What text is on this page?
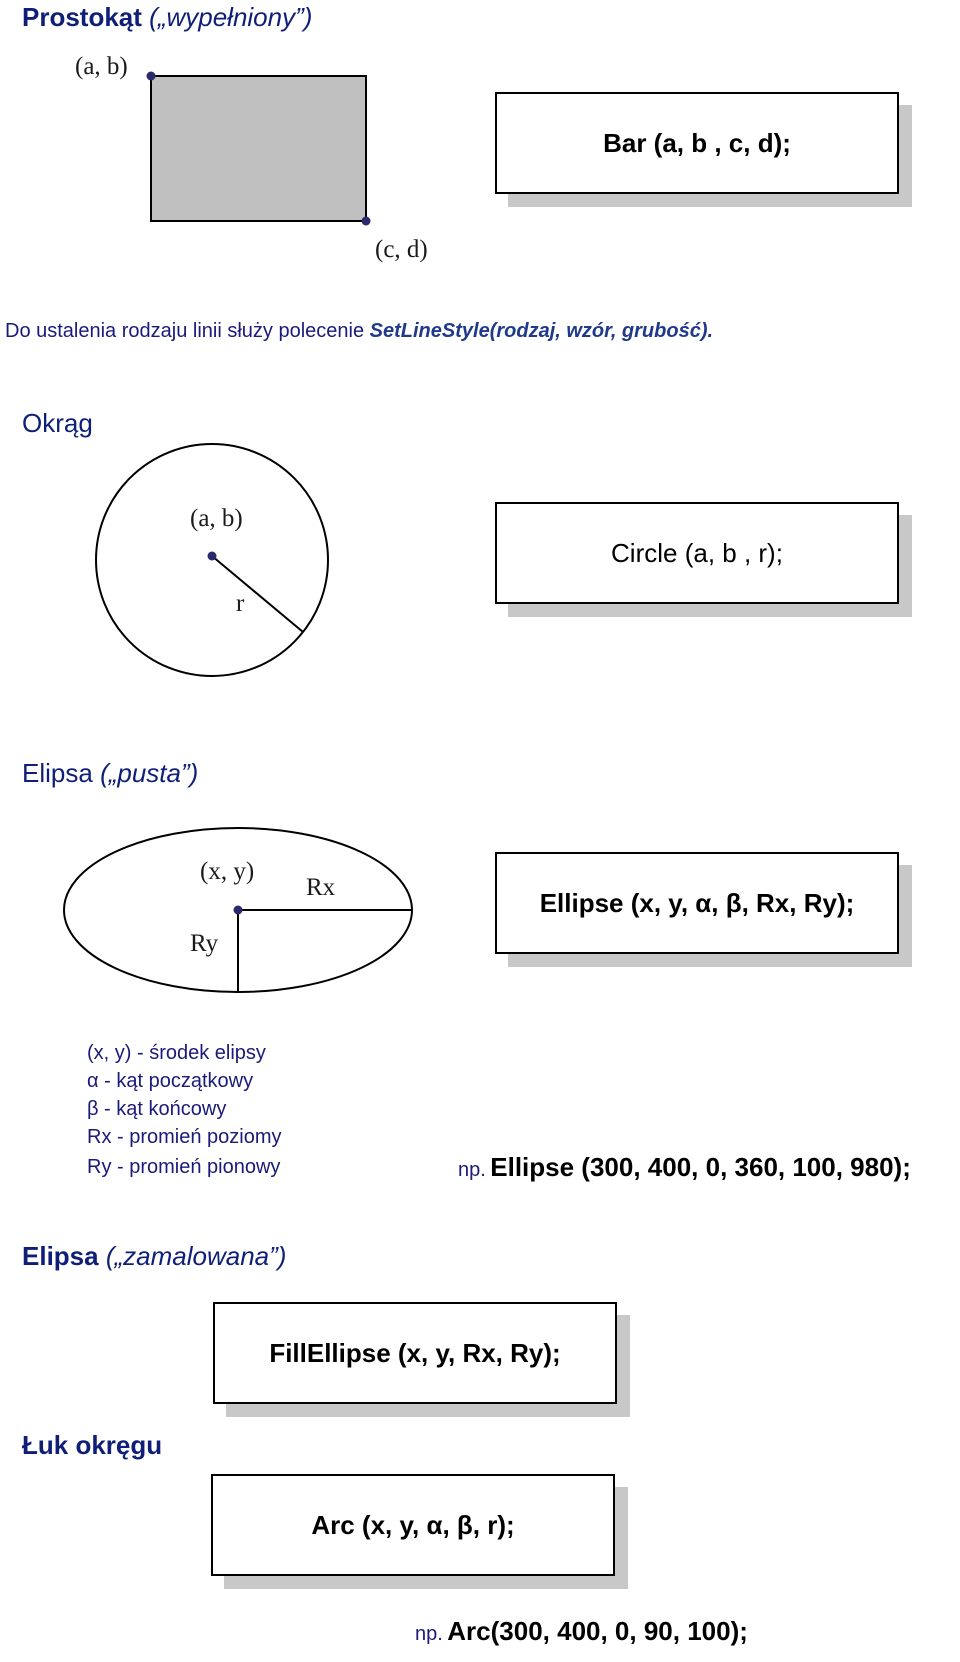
Prostokąt („wypełniony”)
(a, b)
(c, d)
Bar (a, b , c, d);
Do ustalenia rodzaju linii służy polecenie SetLineStyle(rodzaj, wzór, grubość).
Okrąg
(a, b)
r
Circle (a, b , r);
Elipsa („pusta”)
(x, y)
Rx
Ry
Ellipse (x, y, α, β, Rx, Ry);
(x, y) - środek elipsy
α - kąt początkowy
β - kąt końcowy
Rx - promień poziomy
Ry - promień pionowy	np. Ellipse (300, 400, 0, 360, 100, 980);
Elipsa („zamalowana”)
FillEllipse (x, y, Rx, Ry);
Łuk okręgu
Arc (x, y, α, β, r);
np. Arc(300, 400, 0, 90, 100);
